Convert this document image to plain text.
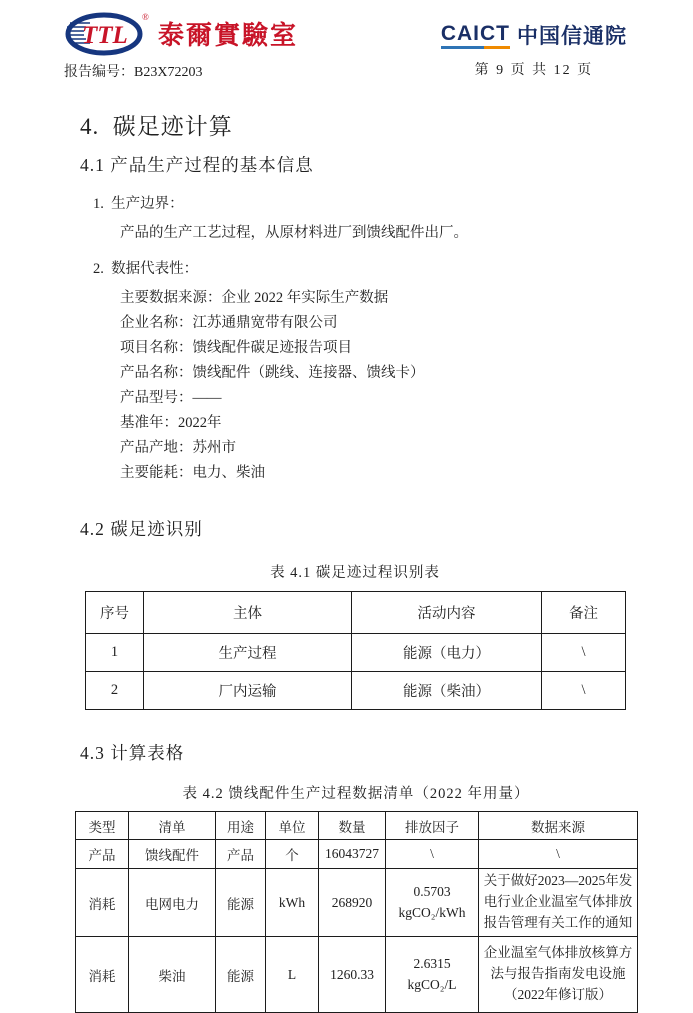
TTL
®
泰爾實驗室
报告编号：B23X72203
CAICT 中国信通院
第 9 页 共 12 页
4.  碳足迹计算
4.1 产品生产过程的基本信息
1.  生产边界：
产品的生产工艺过程，从原材料进厂到馈线配件出厂。
2.  数据代表性：
主要数据来源：企业 2022 年实际生产数据
企业名称：江苏通鼎宽带有限公司
项目名称：馈线配件碳足迹报告项目
产品名称：馈线配件（跳线、连接器、馈线卡）
产品型号：——
基准年：2022年
产品产地：苏州市
主要能耗：电力、柴油
4.2 碳足迹识别
表 4.1 碳足迹过程识别表
序号	主体	活动内容	备注
1	生产过程	能源（电力）	\
2	厂内运输	能源（柴油）	\
4.3 计算表格
表 4.2 馈线配件生产过程数据清单（2022 年用量）
类型	清单	用途	单位	数量	排放因子	数据来源
产品	馈线配件	产品	个	16043727	\	\
消耗	电网电力	能源	kWh	268920	0.5703
kgCO₂/kWh	关于做好2023—2025年发电行业企业温室气体排放报告管理有关工作的通知
消耗	柴油	能源	L	1260.33	2.6315
kgCO₂/L	企业温室气体排放核算方法与报告指南发电设施（2022年修订版）
